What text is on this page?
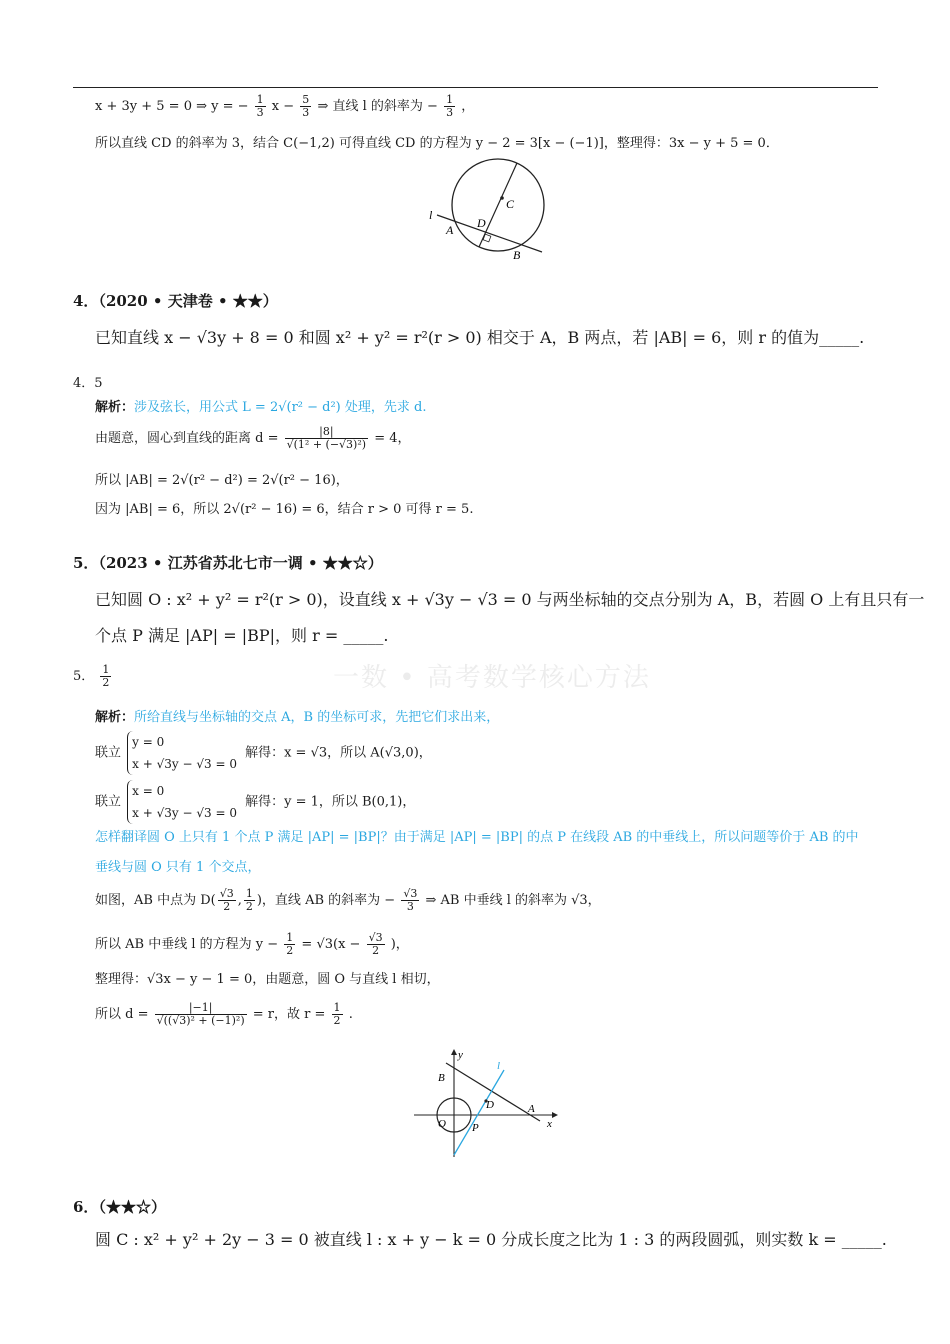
x + 3y + 5 = 0 ⇒ y = − $\frac{1}{3}$ $x - \frac{5}{3}$ ⇒ 直线 l 的斜率为 − $\frac{1}{3}$ ，
所以直线 CD 的斜率为 3，结合 C(−1,2) 可得直线 CD 的方程为 y − 2 = 3[x − (−1)]，整理得：3x − y + 5 = 0．
l
A
B
C
D
4．（2020 • 天津卷 • ★★）
已知直线 x − √3y + 8 = 0 和圆 x² + y² = r²(r > 0) 相交于 A，B 两点，若 |AB| = 6，则 r 的值为_____.
4．5
解析：涉及弦长，用公式 L = 2√(r² − d²) 处理，先求 d.
由题意，圆心到直线的距离 $d = \frac{|8|}{\text{√(1² + (−√3)²)}} = 4$，
所以 |AB| = 2√(r² − d²) = 2√(r² − 16)，
因为 |AB| = 6，所以 2√(r² − 16) = 6，结合 r > 0 可得 r = 5.
5．（2023 • 江苏省苏北七市一调 • ★★☆）
已知圆 O : x² + y² = r²(r > 0)，设直线 x + √3y − √3 = 0 与两坐标轴的交点分别为 A，B，若圆 O 上有且只有一
个点 P 满足 |AP| = |BP|，则 r = _____.
一数 • 高考数学核心方法
5． $\frac{1}{2}$
解析：所给直线与坐标轴的交点 A，B 的坐标可求，先把它们求出来，
联立
y = 0
x + √3y − √3 = 0
解得：x = √3，所以 A(√3,0)，
联立
x = 0
x + √3y − √3 = 0
解得：y = 1，所以 B(0,1)，
怎样翻译圆 O 上只有 1 个点 P 满足 |AP| = |BP|？由于满足 |AP| = |BP| 的点 P 在线段 AB 的中垂线上，所以问题等价于 AB 的中
垂线与圆 O 只有 1 个交点，
如图，AB 中点为 $D( \frac{√3}{2}$ , $\frac{1}{2}$ )，直线 AB 的斜率为 − $\frac{√3}{3}$ ⇒ AB 中垂线 l 的斜率为 √3，
所以 AB 中垂线 l 的方程为 $y - \frac{1}{2} = √3(x - \frac{√3}{2}$ )，
整理得：√3x − y − 1 = 0，由题意，圆 O 与直线 l 相切，
所以 $d = \frac{|-1|}{\text{√((√3)² + (−1)²)}} = r$，故 $r = \frac{1}{2}$ .
y
x
B
A
D
O P
l
6．（★★☆）
圆 C : x² + y² + 2y − 3 = 0 被直线 l : x + y − k = 0 分成长度之比为 1 : 3 的两段圆弧，则实数 k = _____.
